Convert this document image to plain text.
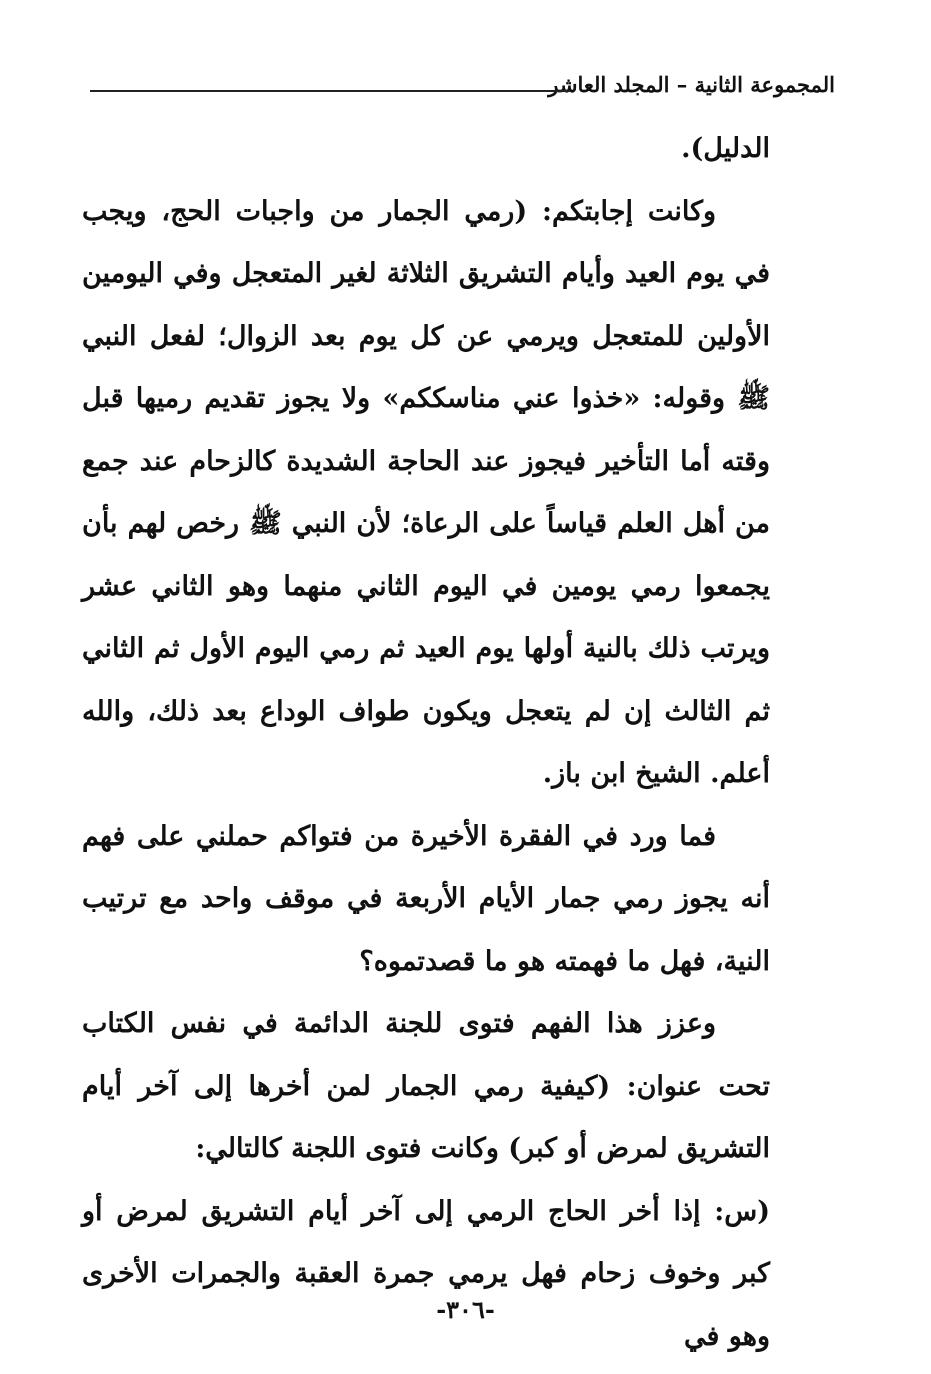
المجموعة الثانية – المجلد العاشر

الدليل).

وكانت إجابتكم: (رمي الجمار من واجبات الحج، ويجب في يوم العيد وأيام التشريق الثلاثة لغير المتعجل وفي اليومين الأولين للمتعجل ويرمي عن كل يوم بعد الزوال؛ لفعل النبي ﷺ وقوله: «خذوا عني مناسككم» ولا يجوز تقديم رميها قبل وقته أما التأخير فيجوز عند الحاجة الشديدة كالزحام عند جمع من أهل العلم قياساً على الرعاة؛ لأن النبي ﷺ رخص لهم بأن يجمعوا رمي يومين في اليوم الثاني منهما وهو الثاني عشر ويرتب ذلك بالنية أولها يوم العيد ثم رمي اليوم الأول ثم الثاني ثم الثالث إن لم يتعجل ويكون طواف الوداع بعد ذلك، والله أعلم. الشيخ ابن باز.

فما ورد في الفقرة الأخيرة من فتواكم حملني على فهم أنه يجوز رمي جمار الأيام الأربعة في موقف واحد مع ترتيب النية، فهل ما فهمته هو ما قصدتموه؟

وعزز هذا الفهم فتوى للجنة الدائمة في نفس الكتاب تحت عنوان: (كيفية رمي الجمار لمن أخرها إلى آخر أيام التشريق لمرض أو كبر) وكانت فتوى اللجنة كالتالي:

(س: إذا أخر الحاج الرمي إلى آخر أيام التشريق لمرض أو كبر وخوف زحام فهل يرمي جمرة العقبة والجمرات الأخرى وهو في

-٣٠٦-
